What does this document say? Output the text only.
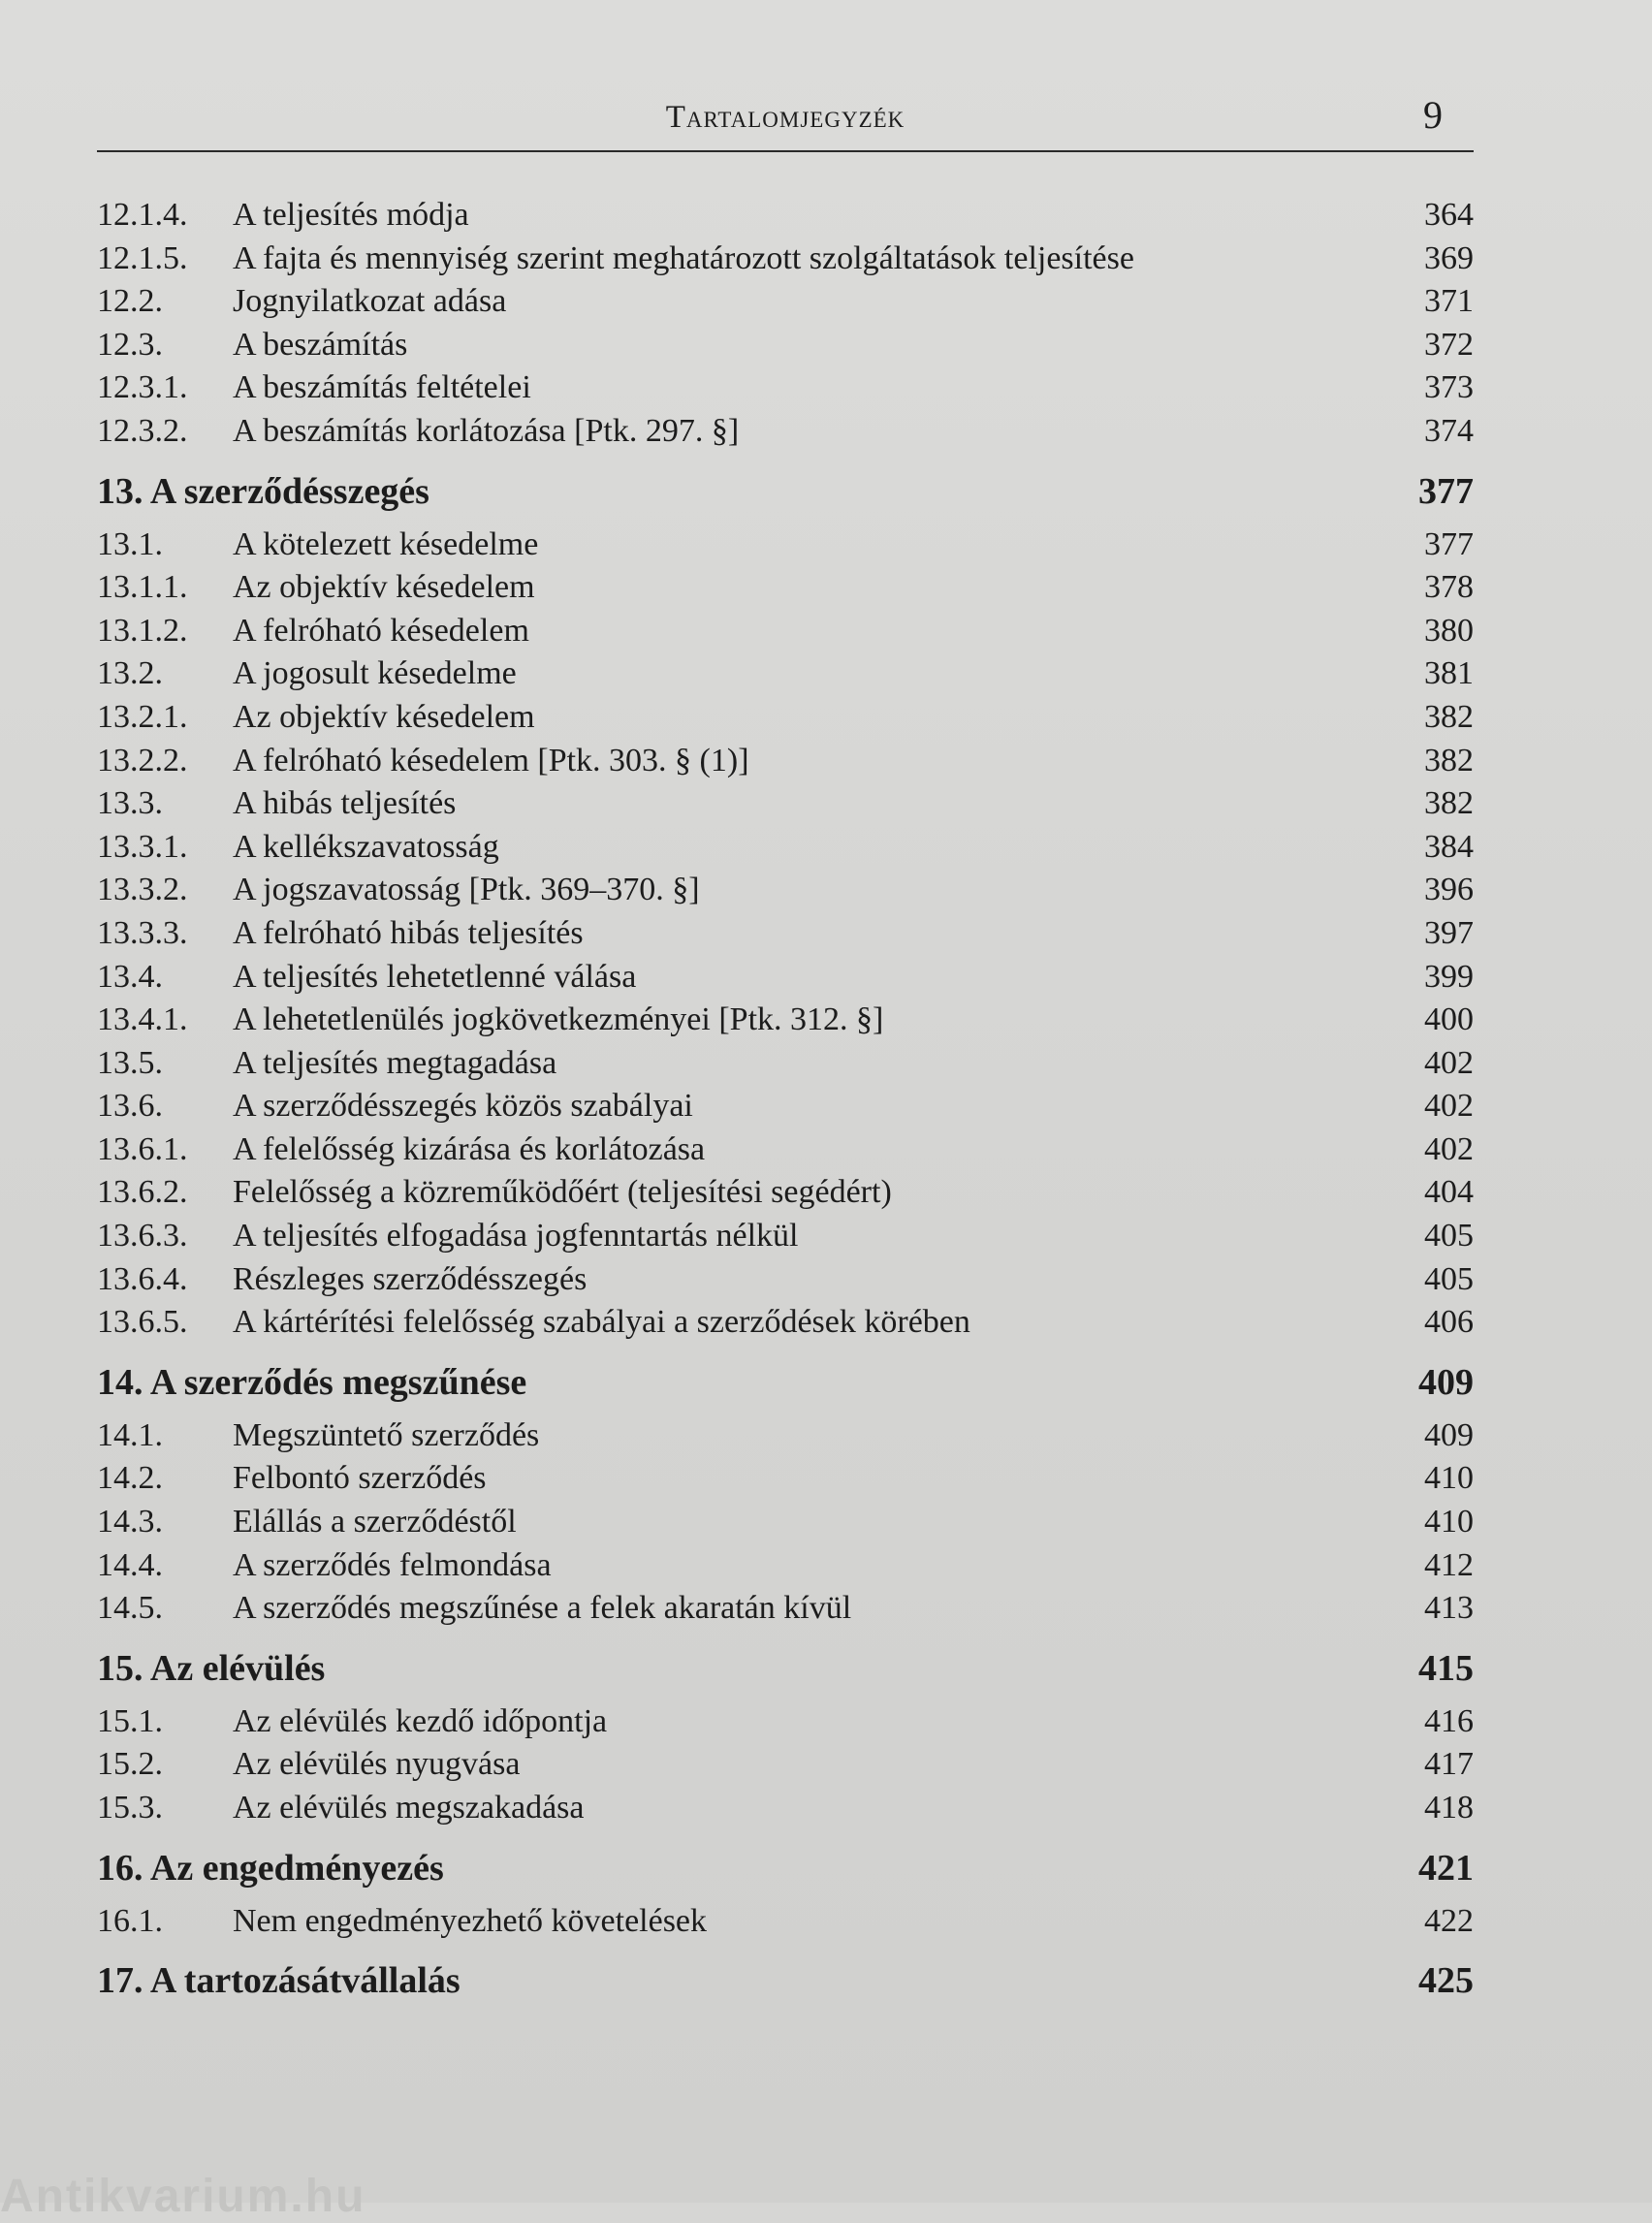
Tartalomjegyzék	9
12.1.4.	A teljesítés módja	364
12.1.5.	A fajta és mennyiség szerint meghatározott szolgáltatások teljesítése	369
12.2.	Jognyilatkozat adása	371
12.3.	A beszámítás	372
12.3.1.	A beszámítás feltételei	373
12.3.2.	A beszámítás korlátozása [Ptk. 297. §]	374
13. A szerződésszegés	377
13.1.	A kötelezett késedelme	377
13.1.1.	Az objektív késedelem	378
13.1.2.	A felróható késedelem	380
13.2.	A jogosult késedelme	381
13.2.1.	Az objektív késedelem	382
13.2.2.	A felróható késedelem [Ptk. 303. § (1)]	382
13.3.	A hibás teljesítés	382
13.3.1.	A kellékszavatosság	384
13.3.2.	A jogszavatosság [Ptk. 369–370. §]	396
13.3.3.	A felróható hibás teljesítés	397
13.4.	A teljesítés lehetetlenné válása	399
13.4.1.	A lehetetlenülés jogkövetkezményei [Ptk. 312. §]	400
13.5.	A teljesítés megtagadása	402
13.6.	A szerződésszegés közös szabályai	402
13.6.1.	A felelősség kizárása és korlátozása	402
13.6.2.	Felelősség a közreműködőért (teljesítési segédért)	404
13.6.3.	A teljesítés elfogadása jogfenntartás nélkül	405
13.6.4.	Részleges szerződésszegés	405
13.6.5.	A kártérítési felelősség szabályai a szerződések körében	406
14. A szerződés megszűnése	409
14.1.	Megszüntető szerződés	409
14.2.	Felbontó szerződés	410
14.3.	Elállás a szerződéstől	410
14.4.	A szerződés felmondása	412
14.5.	A szerződés megszűnése a felek akaratán kívül	413
15. Az elévülés	415
15.1.	Az elévülés kezdő időpontja	416
15.2.	Az elévülés nyugvása	417
15.3.	Az elévülés megszakadása	418
16. Az engedményezés	421
16.1.	Nem engedményezhető követelések	422
17. A tartozásátvállalás	425
Antikvarium.hu
